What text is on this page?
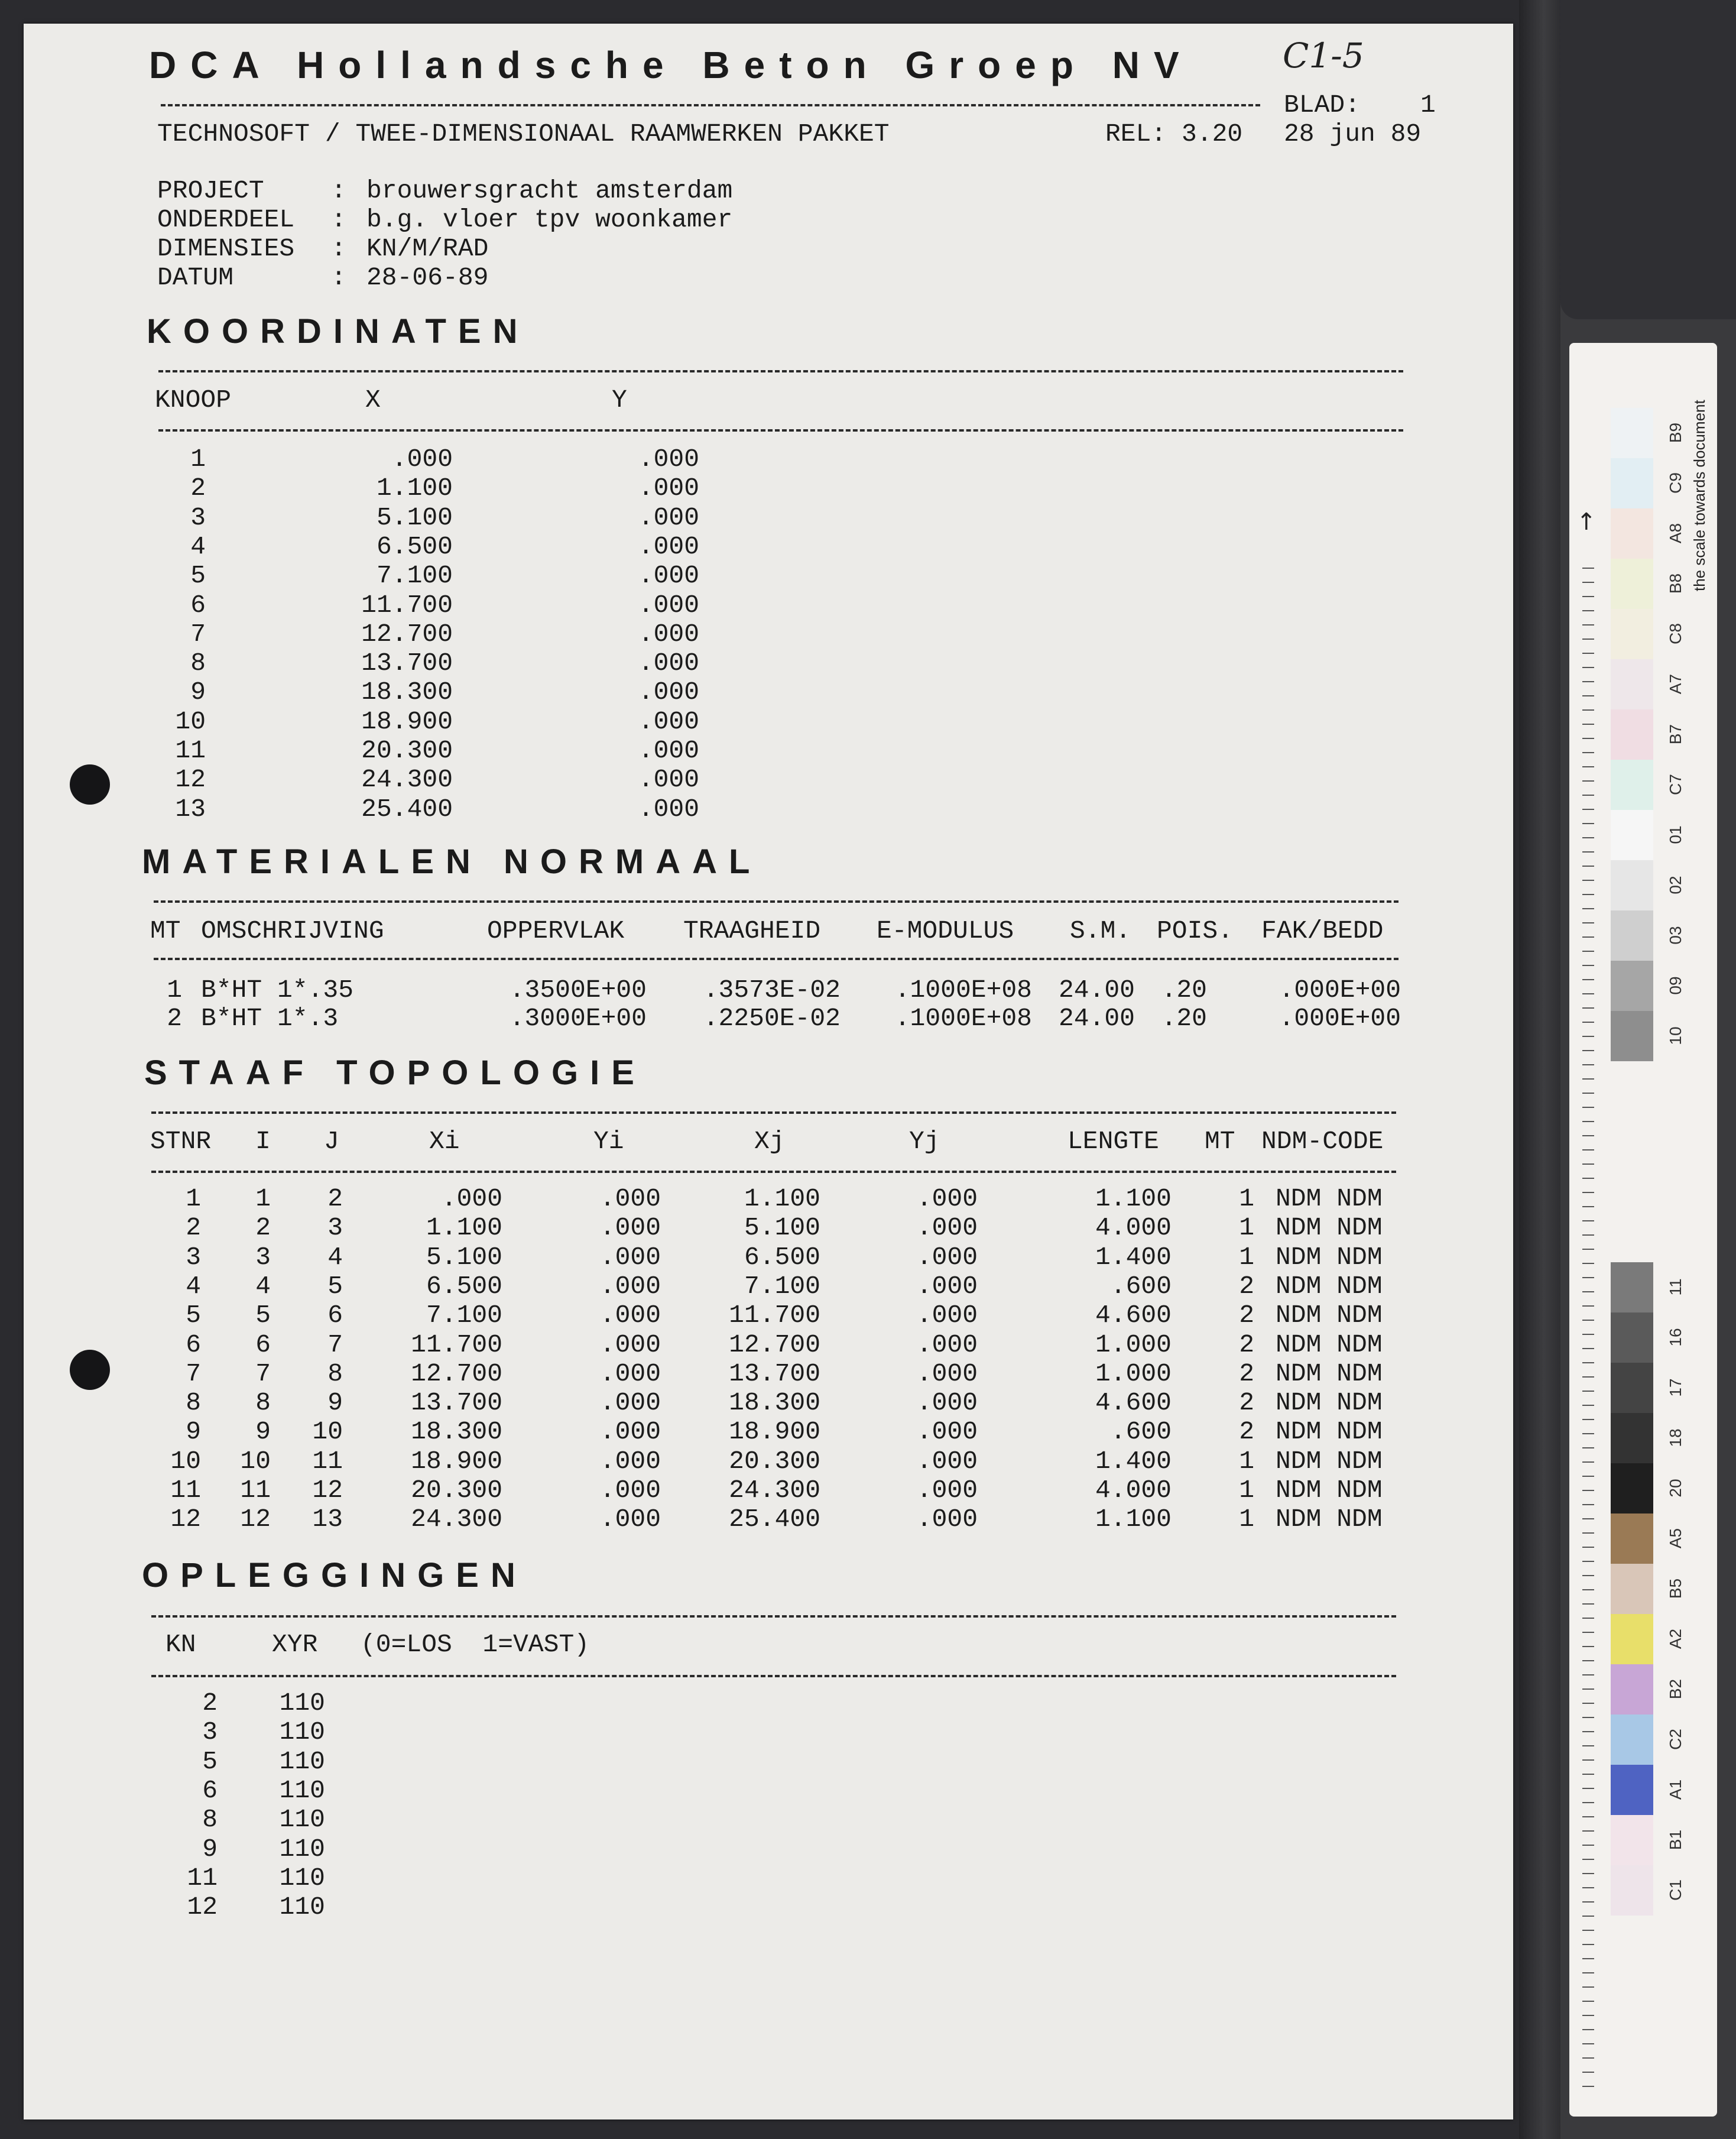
DCA Hollandsche Beton Groep NV	C1-5
BLAD: 1
TECHNOSOFT / TWEE-DIMENSIONAAL RAAMWERKEN PAKKET	REL: 3.20 28 jun 89
PROJECT	: brouwersgracht amsterdam
ONDERDEEL : b.g. vloer tpv woonkamer
DIMENSIES : KN/M/RAD
DATUM	: 28-06-89
KOORDINATEN
KNOOP	X	Y
1	.000	.000
2	1.100	.000
3	5.100	.000
4	6.500	.000
5	7.100	.000
6	11.700	.000
7	12.700	.000
8	13.700	.000
9	18.300	.000
10	18.900	.000
11	20.300	.000
12	24.300	.000
13	25.400	.000
MATERIALEN NORMAAL
MT OMSCHRIJVING	OPPERVLAK TRAAGHEID E-MODULUS S.M. POIS. FAK/BEDD
1 B*HT 1*.35	.3500E+00 .3573E-02 .1000E+08 24.00 .20	.000E+00
2 B*HT 1*.3	.3000E+00 .2250E-02 .1000E+08 24.00 .20	.000E+00
STAAF TOPOLOGIE
STNR I J	Xi	Yi	Xj	Yj	LENGTE MT NDM-CODE
1 1 2	.000	.000	1.100	.000	1.100	1 NDM NDM
2 2 3	1.100	.000	5.100	.000	4.000	1 NDM NDM
3 3 4	5.100	.000	6.500	.000	1.400	1 NDM NDM
4 4 5	6.500	.000	7.100	.000	.600	2 NDM NDM
5 5 6	7.100	.000	11.700	.000	4.600	2 NDM NDM
6 6 7	11.700	.000	12.700	.000	1.000	2 NDM NDM
7 7 8	12.700	.000	13.700	.000	1.000	2 NDM NDM
8 8 9	13.700	.000	18.300	.000	4.600	2 NDM NDM
9 9 10	18.300	.000	18.900	.000	.600	2 NDM NDM
10 10 11	18.900	.000	20.300	.000	1.400	1 NDM NDM
11 11 12	20.300	.000	24.300	.000	4.000	1 NDM NDM
12 12 13	24.300	.000	25.400	.000	1.100	1 NDM NDM
OPLEGGINGEN
KN	XYR (0=LOS  1=VAST)
2 110
3 110
5 110
6 110
8 110
9 110
11 110
12 110
↑	the scale towards document
B9
C9
A8
B8
C8
A7
B7
C7
01
02
03
09
10
11
16
17
18
20
A5
B5
A2
B2
C2
A1
B1
C1
